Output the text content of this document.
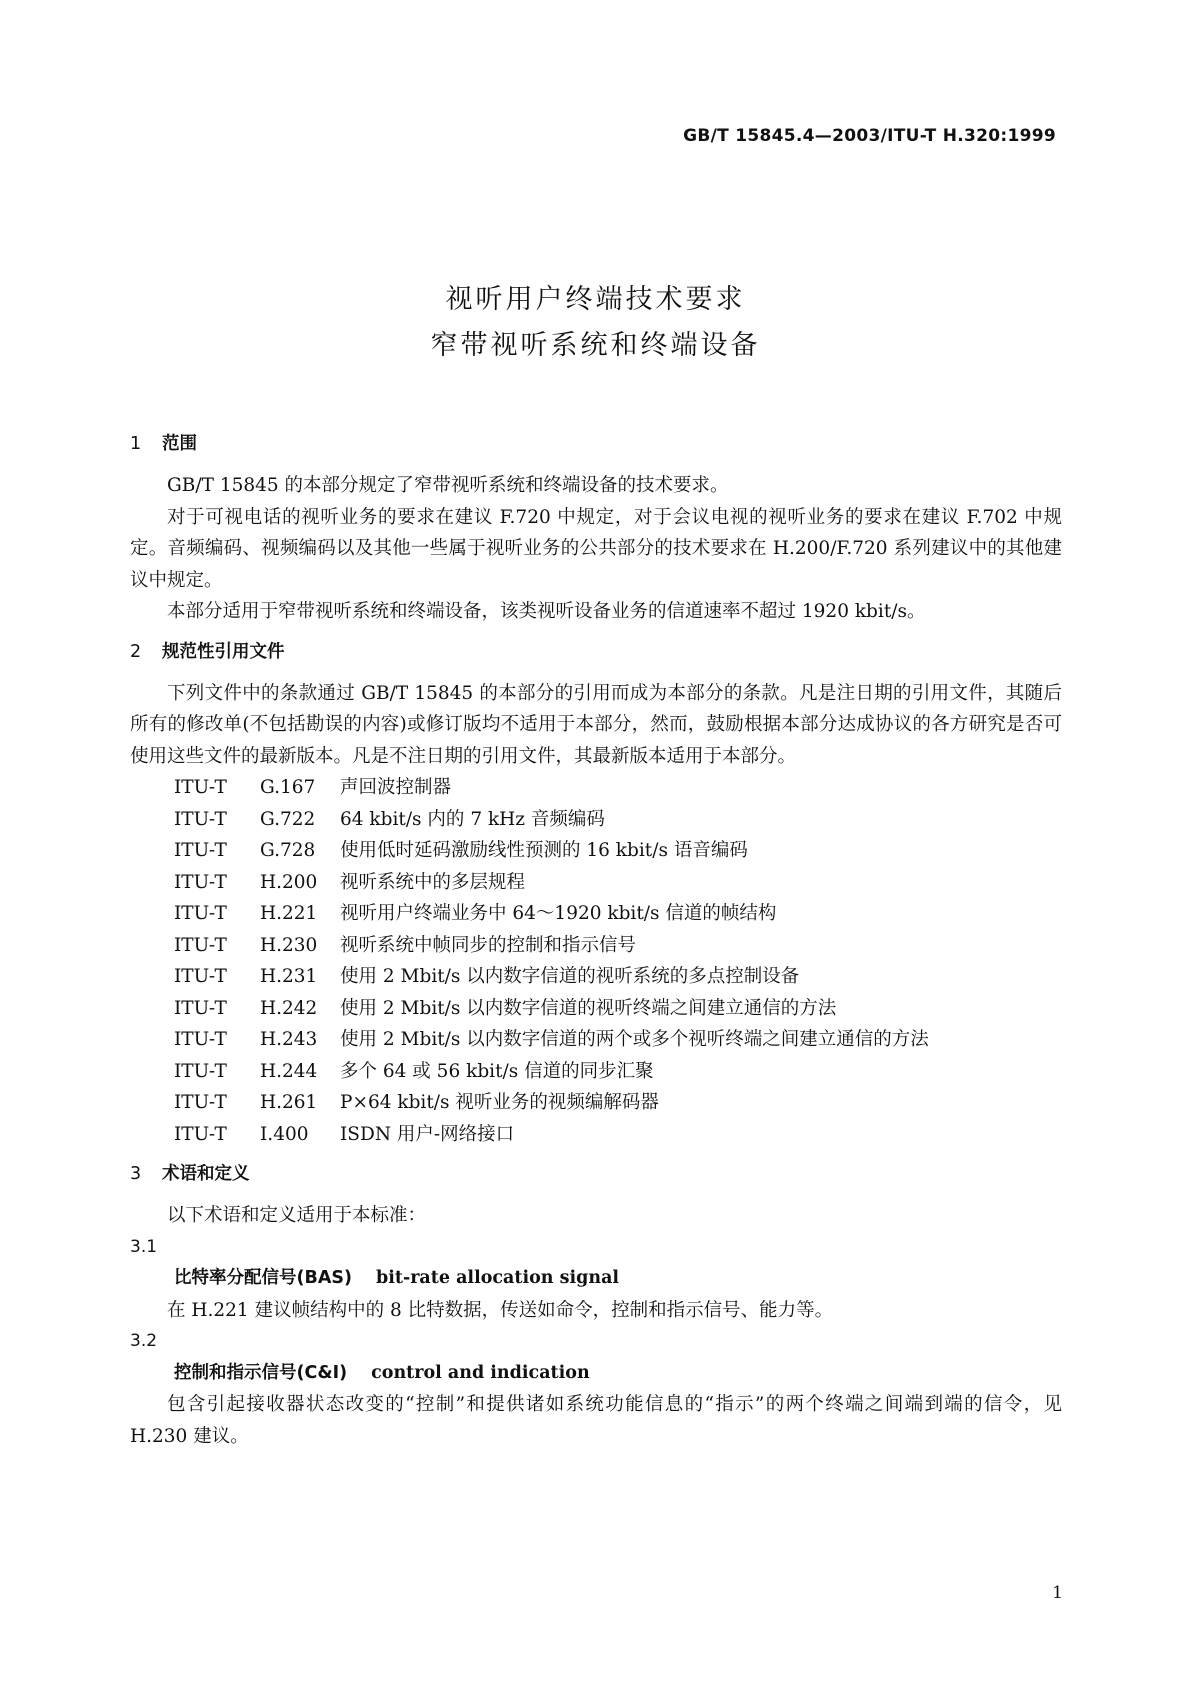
GB/T 15845.4—2003/ITU-T H.320:1999
视听用户终端技术要求
窄带视听系统和终端设备
1 范围

GB/T 15845 的本部分规定了窄带视听系统和终端设备的技术要求。

对于可视电话的视听业务的要求在建议 F.720 中规定，对于会议电视的视听业务的要求在建议 F.702 中规定。音频编码、视频编码以及其他一些属于视听业务的公共部分的技术要求在 H.200/F.720 系列建议中的其他建议中规定。

本部分适用于窄带视听系统和终端设备，该类视听设备业务的信道速率不超过 1920 kbit/s。

2 规范性引用文件

下列文件中的条款通过 GB/T 15845 的本部分的引用而成为本部分的条款。凡是注日期的引用文件，其随后所有的修改单(不包括勘误的内容)或修订版均不适用于本部分，然而，鼓励根据本部分达成协议的各方研究是否可使用这些文件的最新版本。凡是不注日期的引用文件，其最新版本适用于本部分。

ITU-T G.167 声回波控制器
ITU-T G.722 64 kbit/s 内的 7 kHz 音频编码
ITU-T G.728 使用低时延码激励线性预测的 16 kbit/s 语音编码
ITU-T H.200 视听系统中的多层规程
ITU-T H.221 视听用户终端业务中 64～1920 kbit/s 信道的帧结构
ITU-T H.230 视听系统中帧同步的控制和指示信号
ITU-T H.231 使用 2 Mbit/s 以内数字信道的视听系统的多点控制设备
ITU-T H.242 使用 2 Mbit/s 以内数字信道的视听终端之间建立通信的方法
ITU-T H.243 使用 2 Mbit/s 以内数字信道的两个或多个视听终端之间建立通信的方法
ITU-T H.244 多个 64 或 56 kbit/s 信道的同步汇聚
ITU-T H.261 P×64 kbit/s 视听业务的视频编解码器
ITU-T I.400 ISDN 用户-网络接口
3 术语和定义

以下术语和定义适用于本标准：

3.1
比特率分配信号(BAS) bit-rate allocation signal

在 H.221 建议帧结构中的 8 比特数据，传送如命令，控制和指示信号、能力等。

3.2
控制和指示信号(C&I) control and indication

包含引起接收器状态改变的“控制”和提供诸如系统功能信息的“指示”的两个终端之间端到端的信令，见 H.230 建议。

1
